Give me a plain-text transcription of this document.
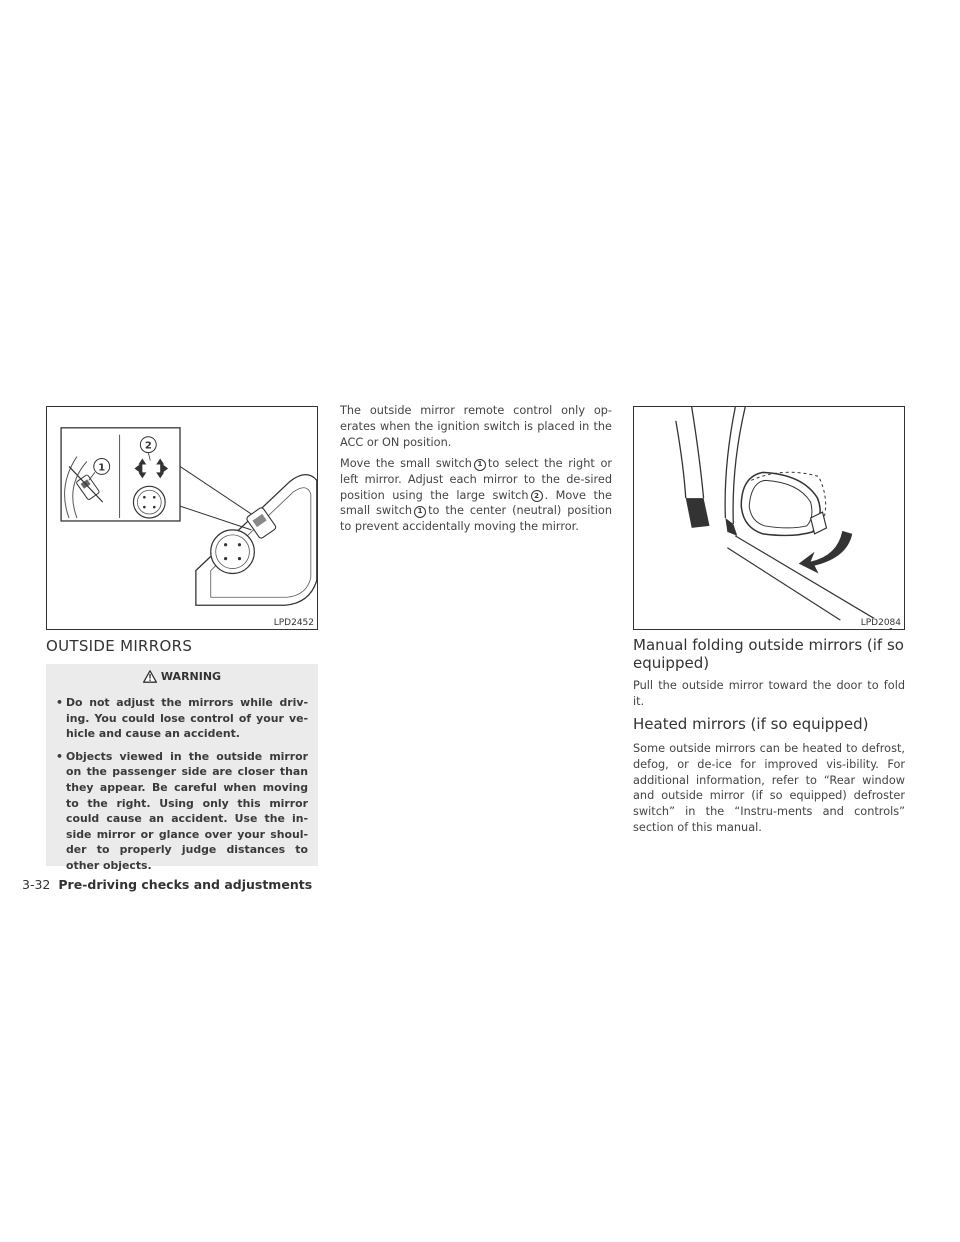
1
2
LPD2452
OUTSIDE MIRRORS
WARNING
• Do not adjust the mirrors while driv-ing. You could lose control of your ve-hicle and cause an accident.
• Objects viewed in the outside mirror on the passenger side are closer than they appear. Be careful when moving to the right. Using only this mirror could cause an accident. Use the in-side mirror or glance over your shoul-der to properly judge distances to other objects.

The outside mirror remote control only op-erates when the ignition switch is placed in the ACC or ON position.

Move the small switch 1 to select the right or left mirror. Adjust each mirror to the de-sired position using the large switch 2 . Move the small switch 1 to the center (neutral) position to prevent accidentally moving the mirror.

LPD2084
Manual folding outside mirrors (if so equipped)

Pull the outside mirror toward the door to fold it.

Heated mirrors (if so equipped)

Some outside mirrors can be heated to defrost, defog, or de-ice for improved vis-ibility. For additional information, refer to “Rear window and outside mirror (if so equipped) defroster switch” in the “Instru-ments and controls” section of this manual.

3-32 Pre-driving checks and adjustments
